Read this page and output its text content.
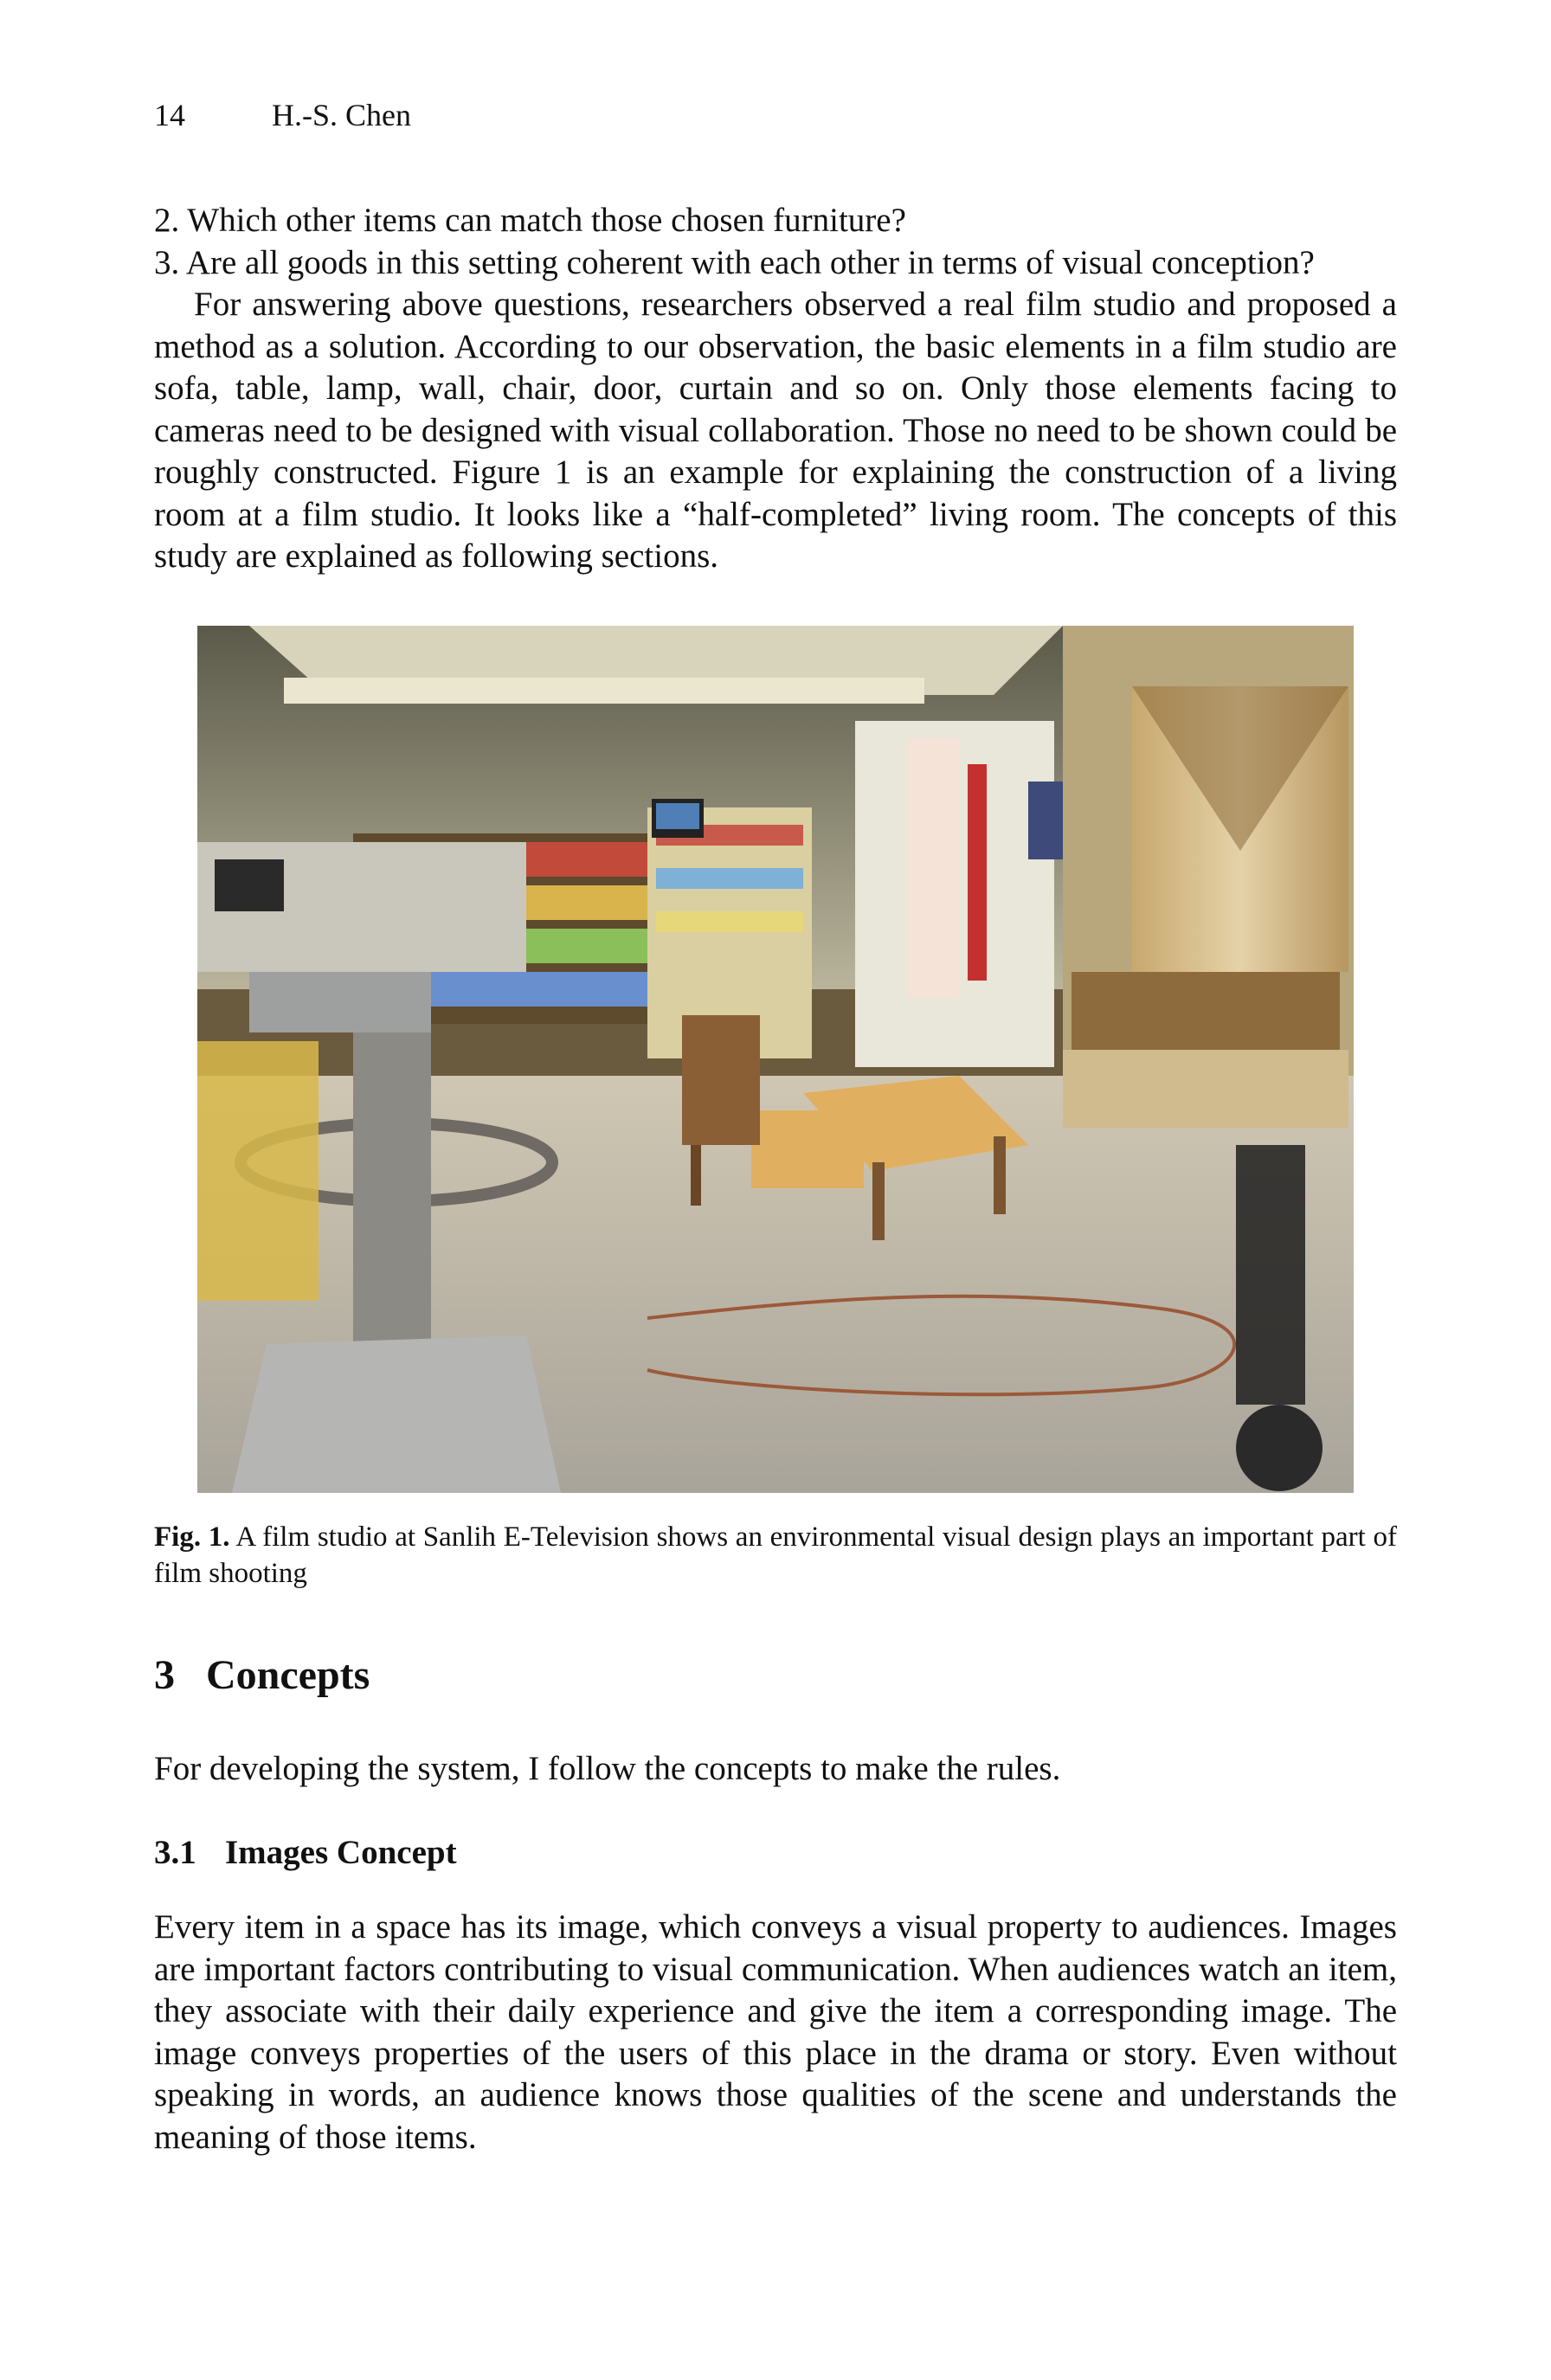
14	H.-S. Chen
2. Which other items can match those chosen furniture?
3. Are all goods in this setting coherent with each other in terms of visual conception?

For answering above questions, researchers observed a real film studio and proposed a method as a solution. According to our observation, the basic elements in a film studio are sofa, table, lamp, wall, chair, door, curtain and so on. Only those elements facing to cameras need to be designed with visual collaboration. Those no need to be shown could be roughly constructed. Figure 1 is an example for explaining the construction of a living room at a film studio. It looks like a “half-completed” living room. The concepts of this study are explained as following sections.

Fig. 1. A film studio at Sanlih E-Television shows an environmental visual design plays an important part of film shooting

3 Concepts

For developing the system, I follow the concepts to make the rules.

3.1 Images Concept

Every item in a space has its image, which conveys a visual property to audiences. Images are important factors contributing to visual communication. When audiences watch an item, they associate with their daily experience and give the item a corresponding image. The image conveys properties of the users of this place in the drama or story. Even without speaking in words, an audience knows those qualities of the scene and understands the meaning of those items.
